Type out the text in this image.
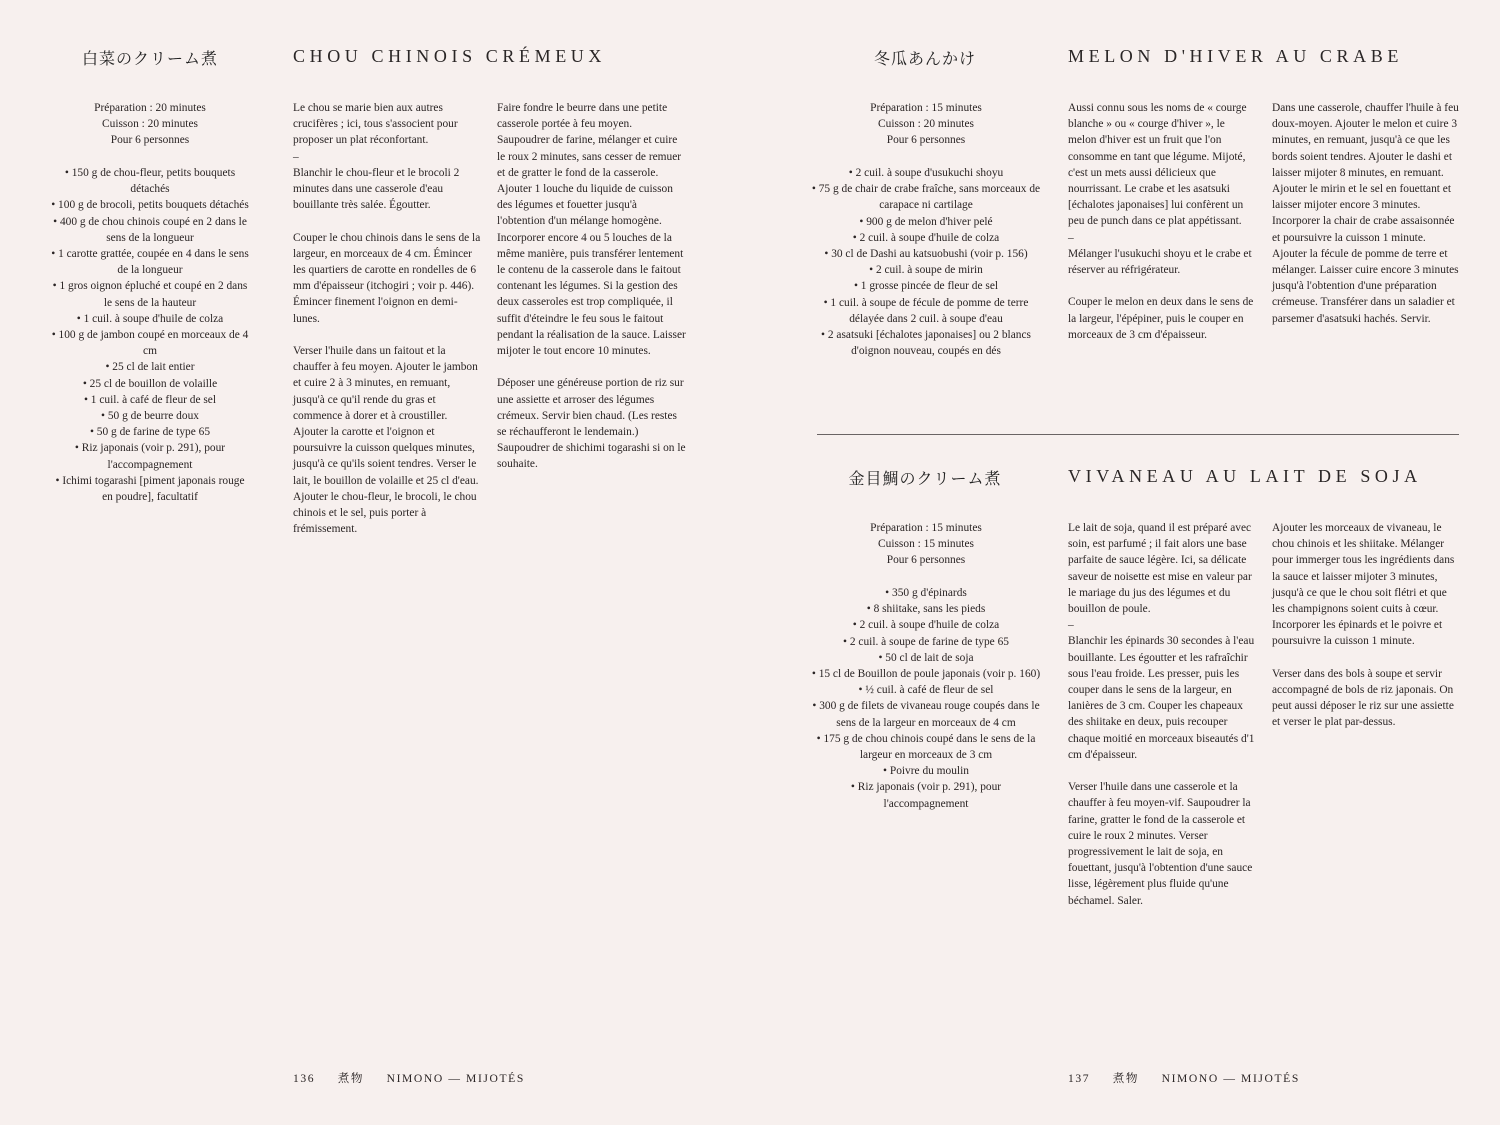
白菜のクリーム煮	CHOU CHINOIS CRÉMEUX
Préparation : 20 minutes
Cuisson : 20 minutes
Pour 6 personnes
• 150 g de chou-fleur, petits bouquets détachés
• 100 g de brocoli, petits bouquets détachés
• 400 g de chou chinois coupé en 2 dans le sens de la longueur
• 1 carotte grattée, coupée en 4 dans le sens de la longueur
• 1 gros oignon épluché et coupé en 2 dans le sens de la hauteur
• 1 cuil. à soupe d'huile de colza
• 100 g de jambon coupé en morceaux de 4 cm
• 25 cl de lait entier
• 25 cl de bouillon de volaille
• 1 cuil. à café de fleur de sel
• 50 g de beurre doux
• 50 g de farine de type 65
• Riz japonais (voir p. 291), pour l'accompagnement
• Ichimi togarashi [piment japonais rouge en poudre], facultatif

Le chou se marie bien aux autres crucifères ; ici, tous s'associent pour proposer un plat réconfortant.

–

Blanchir le chou-fleur et le brocoli 2 minutes dans une casserole d'eau bouillante très salée. Égoutter.

Couper le chou chinois dans le sens de la largeur, en morceaux de 4 cm. Émincer les quartiers de carotte en rondelles de 6 mm d'épaisseur (itchogiri ; voir p. 446). Émincer finement l'oignon en demi-lunes.

Verser l'huile dans un faitout et la chauffer à feu moyen. Ajouter le jambon et cuire 2 à 3 minutes, en remuant, jusqu'à ce qu'il rende du gras et commence à dorer et à croustiller. Ajouter la carotte et l'oignon et poursuivre la cuisson quelques minutes, jusqu'à ce qu'ils soient tendres. Verser le lait, le bouillon de volaille et 25 cl d'eau. Ajouter le chou-fleur, le brocoli, le chou chinois et le sel, puis porter à frémissement.

Faire fondre le beurre dans une petite casserole portée à feu moyen. Saupoudrer de farine, mélanger et cuire le roux 2 minutes, sans cesser de remuer et de gratter le fond de la casserole. Ajouter 1 louche du liquide de cuisson des légumes et fouetter jusqu'à l'obtention d'un mélange homogène. Incorporer encore 4 ou 5 louches de la même manière, puis transférer lentement le contenu de la casserole dans le faitout contenant les légumes. Si la gestion des deux casseroles est trop compliquée, il suffit d'éteindre le feu sous le faitout pendant la réalisation de la sauce. Laisser mijoter le tout encore 10 minutes.

Déposer une généreuse portion de riz sur une assiette et arroser des légumes crémeux. Servir bien chaud. (Les restes se réchaufferont le lendemain.) Saupoudrer de shichimi togarashi si on le souhaite.

136 煮物 NIMONO — MIJOTÉS
冬瓜あんかけ	MELON D'HIVER AU CRABE
Préparation : 15 minutes
Cuisson : 20 minutes
Pour 6 personnes
• 2 cuil. à soupe d'usukuchi shoyu
• 75 g de chair de crabe fraîche, sans morceaux de carapace ni cartilage
• 900 g de melon d'hiver pelé
• 2 cuil. à soupe d'huile de colza
• 30 cl de Dashi au katsuobushi (voir p. 156)
• 2 cuil. à soupe de mirin
• 1 grosse pincée de fleur de sel
• 1 cuil. à soupe de fécule de pomme de terre délayée dans 2 cuil. à soupe d'eau
• 2 asatsuki [échalotes japonaises] ou 2 blancs d'oignon nouveau, coupés en dés

Aussi connu sous les noms de « courge blanche » ou « courge d'hiver », le melon d'hiver est un fruit que l'on consomme en tant que légume. Mijoté, c'est un mets aussi délicieux que nourrissant. Le crabe et les asatsuki [échalotes japonaises] lui confèrent un peu de punch dans ce plat appétissant.

–

Mélanger l'usukuchi shoyu et le crabe et réserver au réfrigérateur.

Couper le melon en deux dans le sens de la largeur, l'épépiner, puis le couper en morceaux de 3 cm d'épaisseur.

Dans une casserole, chauffer l'huile à feu doux-moyen. Ajouter le melon et cuire 3 minutes, en remuant, jusqu'à ce que les bords soient tendres. Ajouter le dashi et laisser mijoter 8 minutes, en remuant. Ajouter le mirin et le sel en fouettant et laisser mijoter encore 3 minutes. Incorporer la chair de crabe assaisonnée et poursuivre la cuisson 1 minute. Ajouter la fécule de pomme de terre et mélanger. Laisser cuire encore 3 minutes jusqu'à l'obtention d'une préparation crémeuse. Transférer dans un saladier et parsemer d'asatsuki hachés. Servir.

金目鯛のクリーム煮	VIVANEAU AU LAIT DE SOJA
Préparation : 15 minutes
Cuisson : 15 minutes
Pour 6 personnes
• 350 g d'épinards
• 8 shiitake, sans les pieds
• 2 cuil. à soupe d'huile de colza
• 2 cuil. à soupe de farine de type 65
• 50 cl de lait de soja
• 15 cl de Bouillon de poule japonais (voir p. 160)
• ½ cuil. à café de fleur de sel
• 300 g de filets de vivaneau rouge coupés dans le sens de la largeur en morceaux de 4 cm
• 175 g de chou chinois coupé dans le sens de la largeur en morceaux de 3 cm
• Poivre du moulin
• Riz japonais (voir p. 291), pour l'accompagnement

Le lait de soja, quand il est préparé avec soin, est parfumé ; il fait alors une base parfaite de sauce légère. Ici, sa délicate saveur de noisette est mise en valeur par le mariage du jus des légumes et du bouillon de poule.

–

Blanchir les épinards 30 secondes à l'eau bouillante. Les égoutter et les rafraîchir sous l'eau froide. Les presser, puis les couper dans le sens de la largeur, en lanières de 3 cm. Couper les chapeaux des shiitake en deux, puis recouper chaque moitié en morceaux biseautés d'1 cm d'épaisseur.

Verser l'huile dans une casserole et la chauffer à feu moyen-vif. Saupoudrer la farine, gratter le fond de la casserole et cuire le roux 2 minutes. Verser progressivement le lait de soja, en fouettant, jusqu'à l'obtention d'une sauce lisse, légèrement plus fluide qu'une béchamel. Saler.

Ajouter les morceaux de vivaneau, le chou chinois et les shiitake. Mélanger pour immerger tous les ingrédients dans la sauce et laisser mijoter 3 minutes, jusqu'à ce que le chou soit flétri et que les champignons soient cuits à cœur. Incorporer les épinards et le poivre et poursuivre la cuisson 1 minute.

Verser dans des bols à soupe et servir accompagné de bols de riz japonais. On peut aussi déposer le riz sur une assiette et verser le plat par-dessus.

137 煮物 NIMONO — MIJOTÉS
